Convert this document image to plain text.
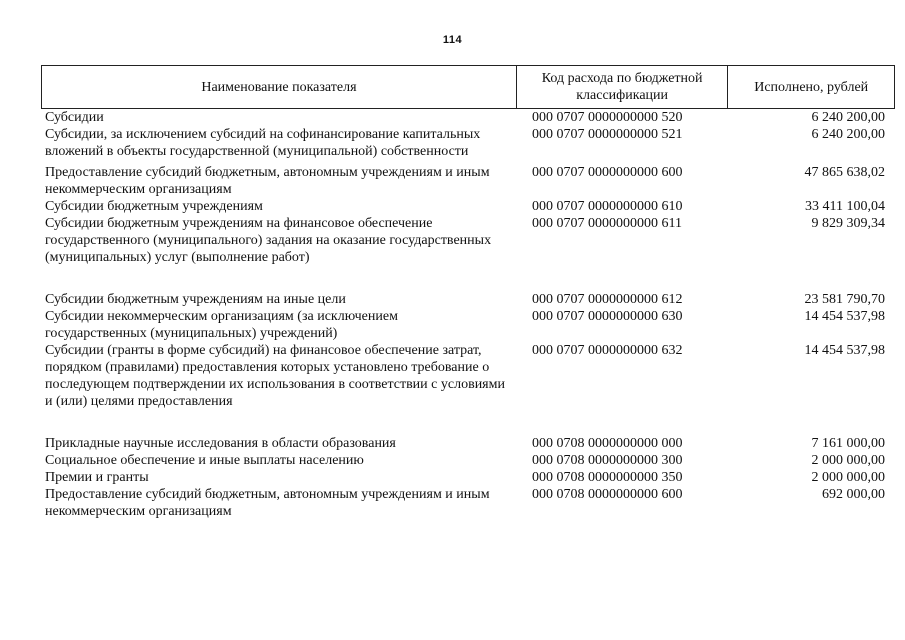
114
Наименование показателя
Код расхода по бюджетной классификации
Исполнено, рублей
Субсидии	000 0707 0000000000 520	6 240 200,00
Субсидии, за исключением субсидий на софинансирование капитальных вложений в объекты государственной (муниципальной) собственности
000 0707 0000000000 521	6 240 200,00
Предоставление субсидий бюджетным, автономным учреждениям и иным некоммерческим организациям
000 0707 0000000000 600	47 865 638,02
Субсидии бюджетным учреждениям	000 0707 0000000000 610	33 411 100,04
Субсидии бюджетным учреждениям на финансовое обеспечение государственного (муниципального) задания на оказание государственных (муниципальных) услуг (выполнение работ)
000 0707 0000000000 611	9 829 309,34
Субсидии бюджетным учреждениям на иные цели	000 0707 0000000000 612	23 581 790,70
Субсидии некоммерческим организациям (за исключением государственных (муниципальных) учреждений)
000 0707 0000000000 630	14 454 537,98
Субсидии (гранты в форме субсидий) на финансовое обеспечение затрат, порядком (правилами) предоставления которых установлено требование о последующем подтверждении их использования в соответствии с условиями и (или) целями предоставления
000 0707 0000000000 632	14 454 537,98
Прикладные научные исследования в области образования	000 0708 0000000000 000	7 161 000,00
Социальное обеспечение и иные выплаты населению	000 0708 0000000000 300	2 000 000,00
Премии и гранты	000 0708 0000000000 350	2 000 000,00
Предоставление субсидий бюджетным, автономным учреждениям и иным некоммерческим организациям
000 0708 0000000000 600	692 000,00
